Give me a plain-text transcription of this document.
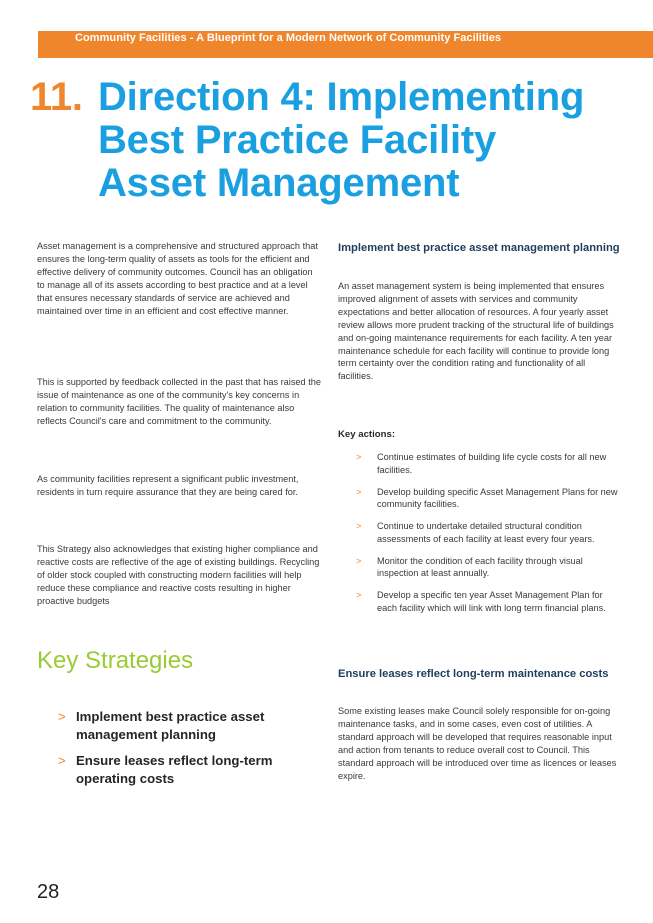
Community Facilities - A Blueprint for a Modern Network of Community Facilities
11. Direction 4: Implementing
Best Practice Facility
Asset Management

Asset management is a comprehensive and structured approach that ensures the long-term quality of assets as tools for the efficient and effective delivery of community outcomes. Council has an obligation to manage all of its assets according to best practice and at a level that ensures necessary standards of service are achieved and maintained over time in an efficient and cost effective manner.

This is supported by feedback collected in the past that has raised the issue of maintenance as one of the community's key concerns in relation to community facilities. The quality of maintenance also reflects Council's care and commitment to the community.

As community facilities represent a significant public investment, residents in turn require assurance that they are being cared for.

This Strategy also acknowledges that existing higher compliance and reactive costs are reflective of the age of existing buildings. Recycling of older stock coupled with constructing modern facilities will help reduce these compliance and reactive costs resulting in higher proactive budgets

Key Strategies
> Implement best practice asset management planning
> Ensure leases reflect long-term operating costs
Implement best practice asset management planning

An asset management system is being implemented that ensures improved alignment of assets with services and community expectations and better allocation of resources. A four yearly asset review allows more prudent tracking of the structural life of buildings and on-going maintenance requirements for each facility. A ten year maintenance schedule for each facility will continue to provide long term certainty over the condition rating and functionality of all facilities.

Key actions:
> Continue estimates of building life cycle costs for all new facilities.
> Develop building specific Asset Management Plans for new community facilities.
> Continue to undertake detailed structural condition assessments of each facility at least every four years.
> Monitor the condition of each facility through visual inspection at least annually.
> Develop a specific ten year Asset Management Plan for each facility which will link with long term financial plans.
Ensure leases reflect long-term maintenance costs

Some existing leases make Council solely responsible for on-going maintenance tasks, and in some cases, even cost of utilities. A standard approach will be developed that requires reasonable input and action from tenants to reduce overall cost to Council. This standard approach will be introduced over time as licences or leases expire.

28
